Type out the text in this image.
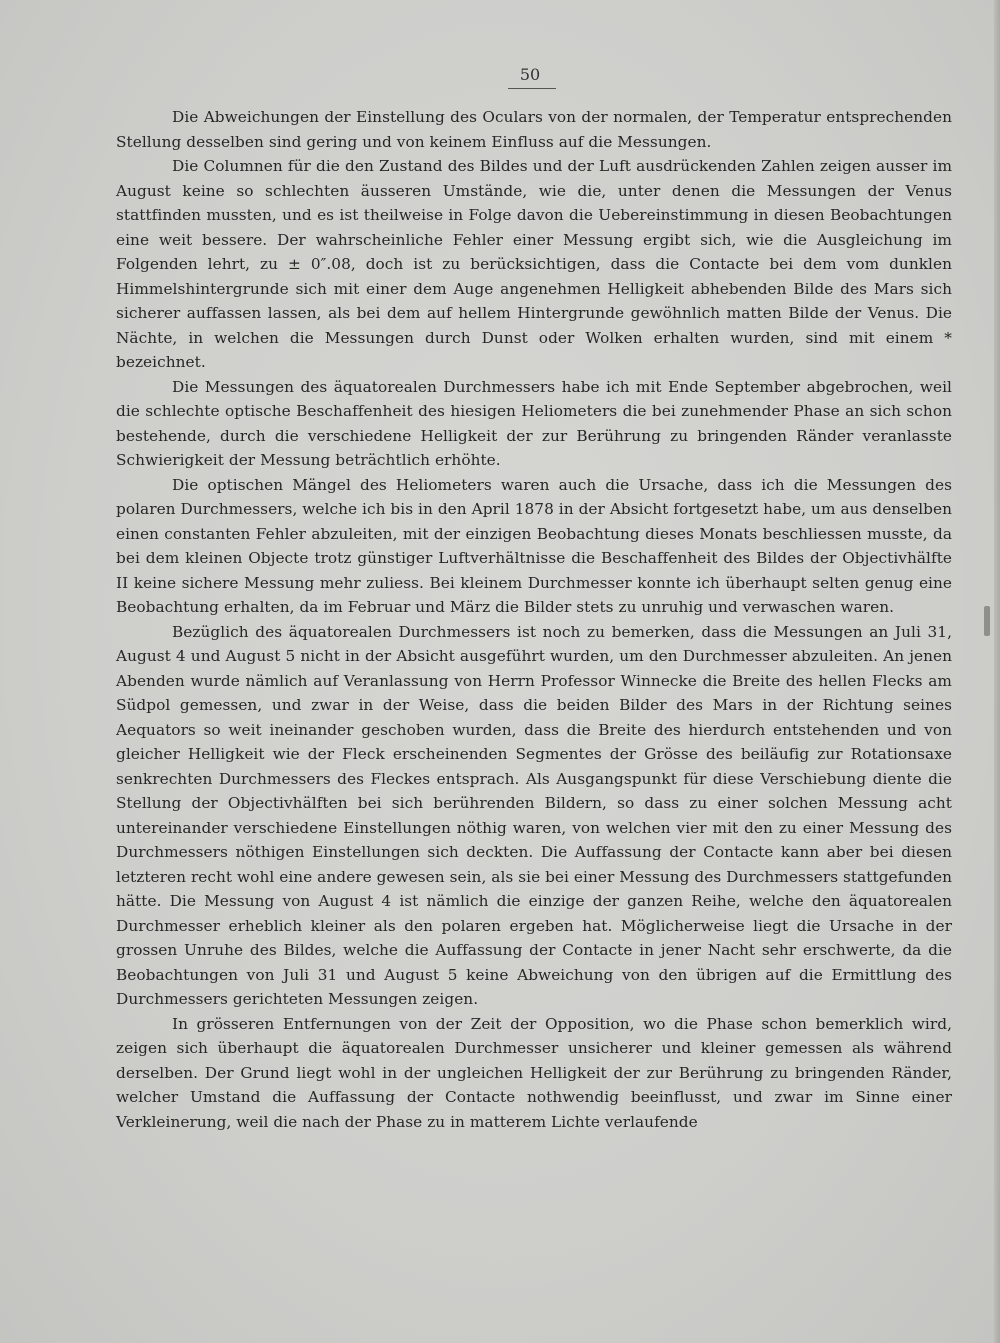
50

Die Abweichungen der Einstellung des Oculars von der normalen, der Temperatur entsprechenden Stellung desselben sind gering und von keinem Einfluss auf die Messungen.

Die Columnen für die den Zustand des Bildes und der Luft ausdrückenden Zahlen zeigen ausser im August keine so schlechten äusseren Umstände, wie die, unter denen die Messungen der Venus stattfinden mussten, und es ist theilweise in Folge davon die Uebereinstimmung in diesen Beobachtungen eine weit bessere. Der wahrscheinliche Fehler einer Messung ergibt sich, wie die Ausgleichung im Folgenden lehrt, zu ± 0″.08, doch ist zu berücksichtigen, dass die Contacte bei dem vom dunklen Himmelshintergrunde sich mit einer dem Auge angenehmen Helligkeit abhebenden Bilde des Mars sich sicherer auffassen lassen, als bei dem auf hellem Hintergrunde gewöhnlich matten Bilde der Venus. Die Nächte, in welchen die Messungen durch Dunst oder Wolken erhalten wurden, sind mit einem * bezeichnet.

Die Messungen des äquatorealen Durchmessers habe ich mit Ende September abgebrochen, weil die schlechte optische Beschaffenheit des hiesigen Heliometers die bei zunehmender Phase an sich schon bestehende, durch die verschiedene Helligkeit der zur Berührung zu bringenden Ränder veranlasste Schwierigkeit der Messung beträchtlich erhöhte.

Die optischen Mängel des Heliometers waren auch die Ursache, dass ich die Messungen des polaren Durchmessers, welche ich bis in den April 1878 in der Absicht fortgesetzt habe, um aus denselben einen constanten Fehler abzuleiten, mit der einzigen Beobachtung dieses Monats beschliessen musste, da bei dem kleinen Objecte trotz günstiger Luftverhältnisse die Beschaffenheit des Bildes der Objectivhälfte II keine sichere Messung mehr zuliess. Bei kleinem Durchmesser konnte ich überhaupt selten genug eine Beobachtung erhalten, da im Februar und März die Bilder stets zu unruhig und verwaschen waren.

Bezüglich des äquatorealen Durchmessers ist noch zu bemerken, dass die Messungen an Juli 31, August 4 und August 5 nicht in der Absicht ausgeführt wurden, um den Durchmesser abzuleiten. An jenen Abenden wurde nämlich auf Veranlassung von Herrn Professor Winnecke die Breite des hellen Flecks am Südpol gemessen, und zwar in der Weise, dass die beiden Bilder des Mars in der Richtung seines Aequators so weit ineinander geschoben wurden, dass die Breite des hierdurch entstehenden und von gleicher Helligkeit wie der Fleck erscheinenden Segmentes der Grösse des beiläufig zur Rotationsaxe senkrechten Durchmessers des Fleckes entsprach. Als Ausgangspunkt für diese Verschiebung diente die Stellung der Objectivhälften bei sich berührenden Bildern, so dass zu einer solchen Messung acht untereinander verschiedene Einstellungen nöthig waren, von welchen vier mit den zu einer Messung des Durchmessers nöthigen Einstellungen sich deckten. Die Auffassung der Contacte kann aber bei diesen letzteren recht wohl eine andere gewesen sein, als sie bei einer Messung des Durchmessers stattgefunden hätte. Die Messung von August 4 ist nämlich die einzige der ganzen Reihe, welche den äquatorealen Durchmesser erheblich kleiner als den polaren ergeben hat. Möglicherweise liegt die Ursache in der grossen Unruhe des Bildes, welche die Auffassung der Contacte in jener Nacht sehr erschwerte, da die Beobachtungen von Juli 31 und August 5 keine Abweichung von den übrigen auf die Ermittlung des Durchmessers gerichteten Messungen zeigen.

In grösseren Entfernungen von der Zeit der Opposition, wo die Phase schon bemerklich wird, zeigen sich überhaupt die äquatorealen Durchmesser unsicherer und kleiner gemessen als während derselben. Der Grund liegt wohl in der ungleichen Helligkeit der zur Berührung zu bringenden Ränder, welcher Umstand die Auffassung der Contacte nothwendig beeinflusst, und zwar im Sinne einer Verkleinerung, weil die nach der Phase zu in matterem Lichte verlaufende
